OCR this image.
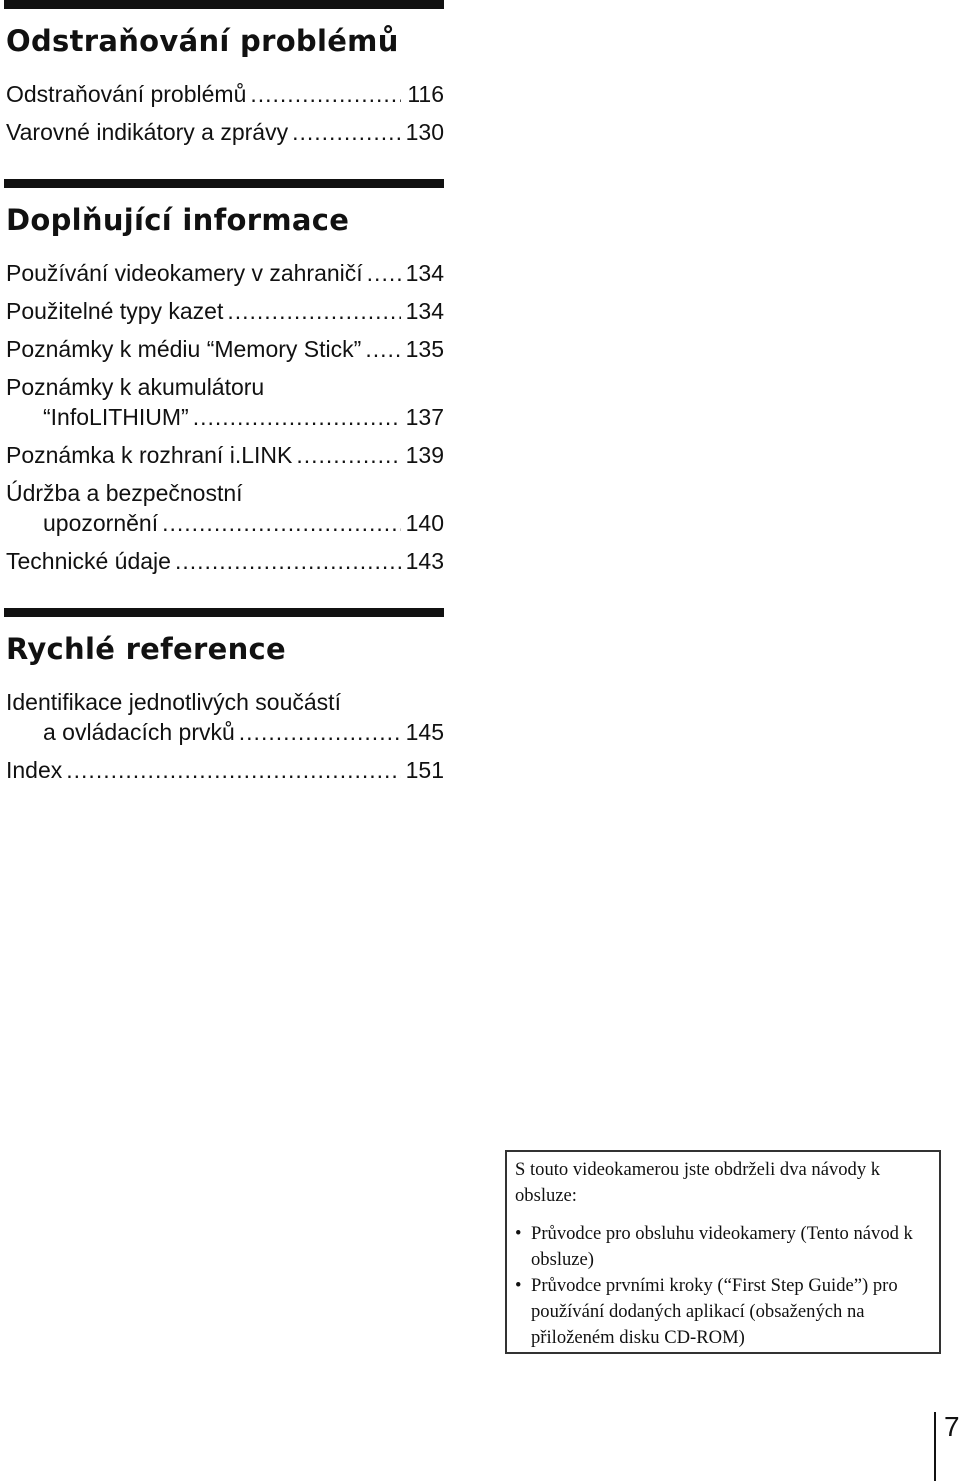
Odstraňování problémů
Odstraňování problémů .....	116
Varovné indikátory a zprávy .....	130
Doplňující informace
Používání videokamery v zahraničí ..... 134
Použitelné typy kazet .....	134
Poznámky k médiu “Memory Stick” ..... 135
Poznámky k akumulátoru
“InfoLITHIUM” .....	137
Poznámka k rozhraní i.LINK .....	139
Údržba a bezpečnostní
upozornění .....	140
Technické údaje .....	143
Rychlé reference
Identifikace jednotlivých součástí
a ovládacích prvků .....	145
Index .....	151

S touto videokamerou jste obdrželi dva návody k obsluze:

• Průvodce pro obsluhu videokamery (Tento návod k obsluze)
• Průvodce prvními kroky (“First Step Guide”) pro používání dodaných aplikací (obsažených na přiloženém disku CD-ROM)
7
